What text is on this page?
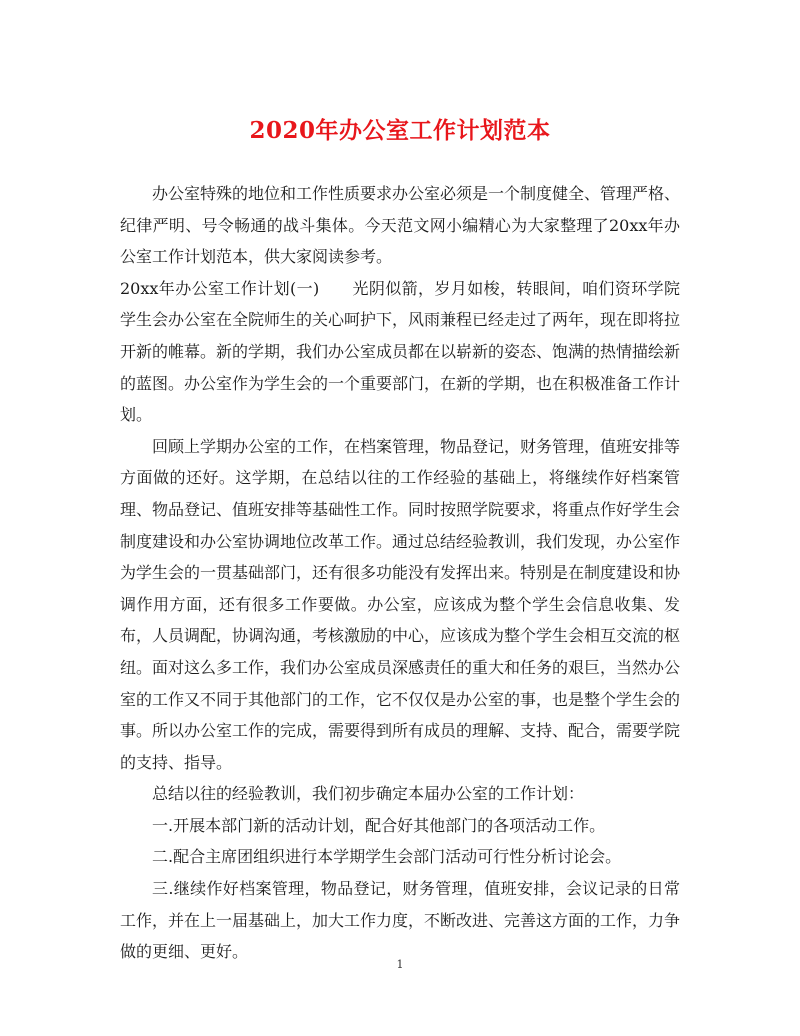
2020年办公室工作计划范本

办公室特殊的地位和工作性质要求办公室必须是一个制度健全、管理严格、纪律严明、号令畅通的战斗集体。今天范文网小编精心为大家整理了20xx年办公室工作计划范本，供大家阅读参考。

20xx年办公室工作计划(一)　　光阴似箭，岁月如梭，转眼间，咱们资环学院学生会办公室在全院师生的关心呵护下，风雨兼程已经走过了两年，现在即将拉开新的帷幕。新的学期，我们办公室成员都在以崭新的姿态、饱满的热情描绘新的蓝图。办公室作为学生会的一个重要部门，在新的学期，也在积极准备工作计划。

回顾上学期办公室的工作，在档案管理，物品登记，财务管理，值班安排等方面做的还好。这学期，在总结以往的工作经验的基础上，将继续作好档案管理、物品登记、值班安排等基础性工作。同时按照学院要求，将重点作好学生会制度建设和办公室协调地位改革工作。通过总结经验教训，我们发现，办公室作为学生会的一贯基础部门，还有很多功能没有发挥出来。特别是在制度建设和协调作用方面，还有很多工作要做。办公室，应该成为整个学生会信息收集、发布，人员调配，协调沟通，考核激励的中心，应该成为整个学生会相互交流的枢纽。面对这么多工作，我们办公室成员深感责任的重大和任务的艰巨，当然办公室的工作又不同于其他部门的工作，它不仅仅是办公室的事，也是整个学生会的事。所以办公室工作的完成，需要得到所有成员的理解、支持、配合，需要学院的支持、指导。

总结以往的经验教训，我们初步确定本届办公室的工作计划：

一.开展本部门新的活动计划，配合好其他部门的各项活动工作。

二.配合主席团组织进行本学期学生会部门活动可行性分析讨论会。

三.继续作好档案管理，物品登记，财务管理，值班安排，会议记录的日常工作，并在上一届基础上，加大工作力度，不断改进、完善这方面的工作，力争做的更细、更好。

1
